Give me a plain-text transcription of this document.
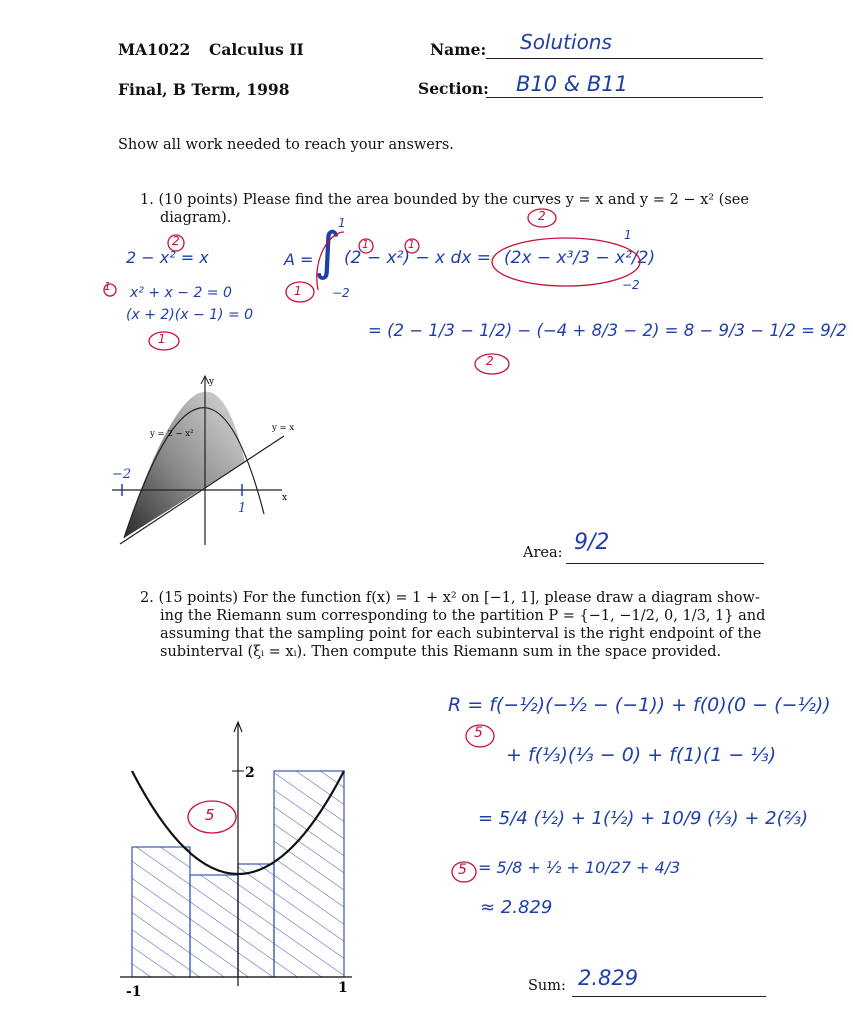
MA1022 Calculus II
Final, B Term, 1998
Name: Solutions
Section: B10 & B11
Show all work needed to reach your answers.
1. (10 points) Please find the area bounded by the curves y = x and y = 2 − x² (see
diagram).
2 − x² = x
x² + x − 2 = 0
(x + 2)(x − 1) = 0
A = ∫
1
−2
(2 − x²) − x dx = (2x − x³/3 − x²/2)
1
−2
= (2 − 1/3 − 1/2) − (−4 + 8/3 − 2) = 8 − 9/3 − 1/2 = 9/2
2
1
1
1	1
2
2
1
y = 2 − x²
y = x
x
y
−2
1
Area: 9/2
2. (15 points) For the function f(x) = 1 + x² on [−1, 1], please draw a diagram show-
ing the Riemann sum corresponding to the partition P = {−1, −1/2, 0, 1/3, 1} and
assuming that the sampling point for each subinterval is the right endpoint of the
subinterval (ξᵢ = xᵢ). Then compute this Riemann sum in the space provided.
2
-1	1
5
5
5
R = f(−½)(−½ − (−1)) + f(0)(0 − (−½))
+ f(⅓)(⅓ − 0) + f(1)(1 − ⅓)
= 5/4 (½) + 1(½) + 10/9 (⅓) + 2(⅔)
= 5/8 + ½ + 10/27 + 4/3
≈ 2.829
Sum: 2.829
